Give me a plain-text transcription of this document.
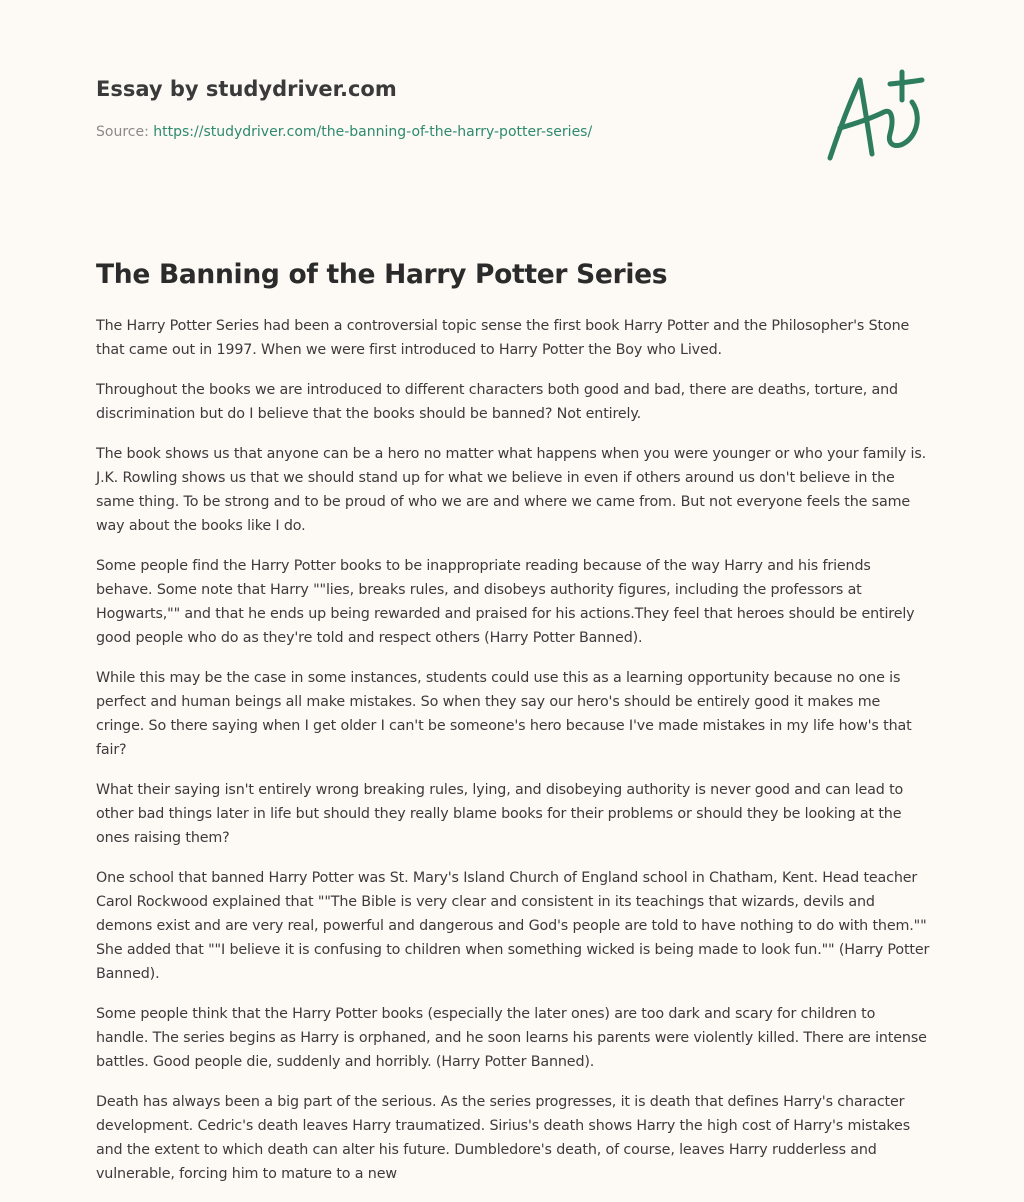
Essay by studydriver.com
Source: https://studydriver.com/the-banning-of-the-harry-potter-series/
The Banning of the Harry Potter Series

The Harry Potter Series had been a controversial topic sense the first book Harry Potter and the Philosopher's Stone that came out in 1997. When we were first introduced to Harry Potter the Boy who Lived.

Throughout the books we are introduced to different characters both good and bad, there are deaths, torture, and discrimination but do I believe that the books should be banned? Not entirely.

The book shows us that anyone can be a hero no matter what happens when you were younger or who your family is. J.K. Rowling shows us that we should stand up for what we believe in even if others around us don't believe in the same thing. To be strong and to be proud of who we are and where we came from. But not everyone feels the same way about the books like I do.

Some people find the Harry Potter books to be inappropriate reading because of the way Harry and his friends behave. Some note that Harry ""lies, breaks rules, and disobeys authority figures, including the professors at Hogwarts,"" and that he ends up being rewarded and praised for his actions.They feel that heroes should be entirely good people who do as they're told and respect others (Harry Potter Banned).

While this may be the case in some instances, students could use this as a learning opportunity because no one is perfect and human beings all make mistakes. So when they say our hero's should be entirely good it makes me cringe. So there saying when I get older I can't be someone's hero because I've made mistakes in my life how's that fair?

What their saying isn't entirely wrong breaking rules, lying, and disobeying authority is never good and can lead to other bad things later in life but should they really blame books for their problems or should they be looking at the ones raising them?

One school that banned Harry Potter was St. Mary's Island Church of England school in Chatham, Kent. Head teacher Carol Rockwood explained that ""The Bible is very clear and consistent in its teachings that wizards, devils and demons exist and are very real, powerful and dangerous and God's people are told to have nothing to do with them."" She added that ""I believe it is confusing to children when something wicked is being made to look fun."" (Harry Potter Banned).

Some people think that the Harry Potter books (especially the later ones) are too dark and scary for children to handle. The series begins as Harry is orphaned, and he soon learns his parents were violently killed. There are intense battles. Good people die, suddenly and horribly. (Harry Potter Banned).

Death has always been a big part of the serious. As the series progresses, it is death that defines Harry's character development. Cedric's death leaves Harry traumatized. Sirius's death shows Harry the high cost of Harry's mistakes and the extent to which death can alter his future. Dumbledore's death, of course, leaves Harry rudderless and vulnerable, forcing him to mature to a new
